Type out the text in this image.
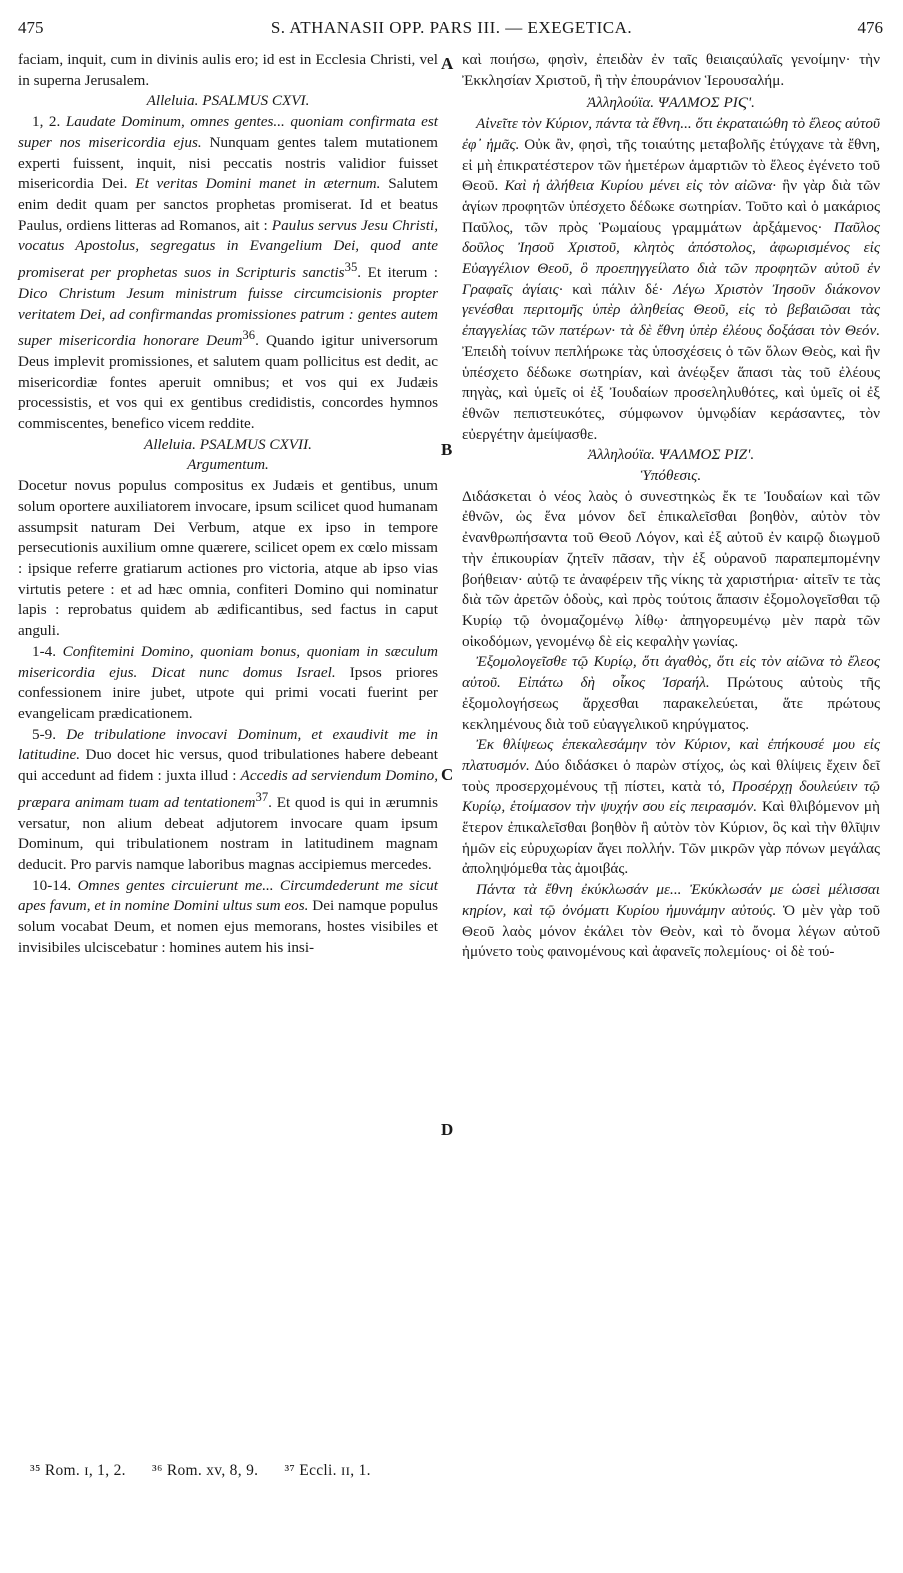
475	S. ATHANASII OPP. PARS III. — EXEGETICA.	476
A
B
C
D

faciam, inquit, cum in divinis aulis ero; id est in Ecclesia Christi, vel in superna Jerusalem.

Alleluia. PSALMUS CXVI.

1, 2. Laudate Dominum, omnes gentes... quoniam confirmata est super nos misericordia ejus. Nunquam gentes talem mutationem experti fuissent, inquit, nisi peccatis nostris validior fuisset misericordia Dei. Et veritas Domini manet in æternum. Salutem enim dedit quam per sanctos prophetas promiserat. Id et beatus Paulus, ordiens litteras ad Romanos, ait : Paulus servus Jesu Christi, vocatus Apostolus, segregatus in Evangelium Dei, quod ante promiserat per prophetas suos in Scripturis sanctis$^{35}$. Et iterum : Dico Christum Jesum ministrum fuisse circumcisionis propter veritatem Dei, ad confirmandas promissiones patrum : gentes autem super misericordia honorare Deum$^{36}$. Quando igitur universorum Deus implevit promissiones, et salutem quam pollicitus est dedit, ac misericordiæ fontes aperuit omnibus; et vos qui ex Judæis processistis, et vos qui ex gentibus credidistis, concordes hymnos commiscentes, benefico vicem reddite.

Alleluia. PSALMUS CXVII.

Argumentum.

Docetur novus populus compositus ex Judæis et gentibus, unum solum oportere auxiliatorem invocare, ipsum scilicet quod humanam assumpsit naturam Dei Verbum, atque ex ipso in tempore persecutionis auxilium omne quærere, scilicet opem ex cœlo missam : ipsique referre gratiarum actiones pro victoria, atque ab ipso vias virtutis petere : et ad hæc omnia, confiteri Domino qui nominatur lapis : reprobatus quidem ab ædificantibus, sed factus in caput anguli.

1-4. Confitemini Domino, quoniam bonus, quoniam in sæculum misericordia ejus. Dicat nunc domus Israel. Ipsos priores confessionem inire jubet, utpote qui primi vocati fuerint per evangelicam prædicationem.

5-9. De tribulatione invocavi Dominum, et exaudivit me in latitudine. Duo docet hic versus, quod tribulationes habere debeant qui accedunt ad fidem : juxta illud : Accedis ad serviendum Domino, præpara animam tuam ad tentationem$^{37}$. Et quod is qui in ærumnis versatur, non alium debeat adjutorem invocare quam ipsum Dominum, qui tribulationem nostram in latitudinem magnam deducit. Pro parvis namque laboribus magnas accipiemus mercedes.

10-14. Omnes gentes circuierunt me... Circumdederunt me sicut apes favum, et in nomine Domini ultus sum eos. Dei namque populus solum vocabat Deum, et nomen ejus memorans, hostes visibiles et invisibiles ulciscebatur : homines autem his insi-

καὶ ποιήσω, φησὶν, ἐπειδὰν ἐν ταῖς θειαιςαύλαῖς γενοίμην· τὴν Ἐκκλησίαν Χριστοῦ, ἢ τὴν ἐπουράνιον Ἱερουσαλήμ.

Ἀλληλούϊα. ΨΑΛΜΟΣ ΡΙϚʹ.

Αἰνεῖτε τὸν Κύριον, πάντα τὰ ἔθνη... ὅτι ἐκραταιώθη τὸ ἔλεος αὐτοῦ ἐφ᾽ ἡμᾶς. Οὐκ ἂν, φησὶ, τῆς τοιαύτης μεταβολῆς ἐτύγχανε τὰ ἔθνη, εἰ μὴ ἐπικρατέστερον τῶν ἡμετέρων ἁμαρτιῶν τὸ ἔλεος ἐγένετο τοῦ Θεοῦ. Καὶ ἡ ἀλήθεια Κυρίου μένει εἰς τὸν αἰῶνα· ἣν γὰρ διὰ τῶν ἁγίων προφητῶν ὑπέσχετο δέδωκε σωτηρίαν. Τοῦτο καὶ ὁ μακάριος Παῦλος, τῶν πρὸς Ῥωμαίους γραμμάτων ἀρξάμενος· Παῦλος δοῦλος Ἰησοῦ Χριστοῦ, κλητὸς ἀπόστολος, ἀφωρισμένος εἰς Εὐαγγέλιον Θεοῦ, ὃ προεπηγγείλατο διὰ τῶν προφητῶν αὐτοῦ ἐν Γραφαῖς ἁγίαις· καὶ πάλιν δέ· Λέγω Χριστὸν Ἰησοῦν διάκονον γενέσθαι περιτομῆς ὑπὲρ ἀληθείας Θεοῦ, εἰς τὸ βεβαιῶσαι τὰς ἐπαγγελίας τῶν πατέρων· τὰ δὲ ἔθνη ὑπὲρ ἐλέους δοξάσαι τὸν Θεόν. Ἐπειδὴ τοίνυν πεπλήρωκε τὰς ὑποσχέσεις ὁ τῶν ὅλων Θεὸς, καὶ ἣν ὑπέσχετο δέδωκε σωτηρίαν, καὶ ἀνέῳξεν ἅπασι τὰς τοῦ ἐλέους πηγὰς, καὶ ὑμεῖς οἱ ἐξ Ἰουδαίων προσεληλυθότες, καὶ ὑμεῖς οἱ ἐξ ἐθνῶν πεπιστευκότες, σύμφωνον ὑμνῳδίαν κεράσαντες, τὸν εὐεργέτην ἀμείψασθε.

Ἀλληλούϊα. ΨΑΛΜΟΣ ΡΙΖʹ.

Ὑπόθεσις.

Διδάσκεται ὁ νέος λαὸς ὁ συνεστηκὼς ἔκ τε Ἰουδαίων καὶ τῶν ἐθνῶν, ὡς ἕνα μόνον δεῖ ἐπικαλεῖσθαι βοηθὸν, αὐτὸν τὸν ἐνανθρωπήσαντα τοῦ Θεοῦ Λόγον, καὶ ἐξ αὐτοῦ ἐν καιρῷ διωγμοῦ τὴν ἐπικουρίαν ζητεῖν πᾶσαν, τὴν ἐξ οὐρανοῦ παραπεμπομένην βοήθειαν· αὐτῷ τε ἀναφέρειν τῆς νίκης τὰ χαριστήρια· αἰτεῖν τε τὰς διὰ τῶν ἀρετῶν ὁδοὺς, καὶ πρὸς τούτοις ἅπασιν ἐξομολογεῖσθαι τῷ Κυρίῳ τῷ ὀνομαζομένῳ λίθῳ· ἀπηγορευμένῳ μὲν παρὰ τῶν οἰκοδόμων, γενομένῳ δὲ εἰς κεφαλὴν γωνίας.

Ἐξομολογεῖσθε τῷ Κυρίῳ, ὅτι ἀγαθὸς, ὅτι εἰς τὸν αἰῶνα τὸ ἔλεος αὐτοῦ. Εἰπάτω δὴ οἶκος Ἰσραήλ. Πρώτους αὐτοὺς τῆς ἐξομολογήσεως ἄρχεσθαι παρακελεύεται, ἅτε πρώτους κεκλημένους διὰ τοῦ εὐαγγελικοῦ κηρύγματος.

Ἐκ θλίψεως ἐπεκαλεσάμην τὸν Κύριον, καὶ ἐπήκουσέ μου εἰς πλατυσμόν. Δύο διδάσκει ὁ παρὼν στίχος, ὡς καὶ θλίψεις ἔχειν δεῖ τοὺς προσερχομένους τῇ πίστει, κατὰ τό, Προσέρχῃ δουλεύειν τῷ Κυρίῳ, ἑτοίμασον τὴν ψυχήν σου εἰς πειρασμόν. Καὶ θλιβόμενον μὴ ἕτερον ἐπικαλεῖσθαι βοηθὸν ἢ αὐτὸν τὸν Κύριον, ὃς καὶ τὴν θλῖψιν ἡμῶν εἰς εὐρυχωρίαν ἄγει πολλήν. Τῶν μικρῶν γὰρ πόνων μεγάλας ἀποληψόμεθα τὰς ἀμοιβάς.

Πάντα τὰ ἔθνη ἐκύκλωσάν με... Ἐκύκλωσάν με ὡσεὶ μέλισσαι κηρίον, καὶ τῷ ὀνόματι Κυρίου ἠμυνάμην αὐτούς. Ὁ μὲν γὰρ τοῦ Θεοῦ λαὸς μόνον ἐκάλει τὸν Θεὸν, καὶ τὸ ὄνομα λέγων αὐτοῦ ἠμύνετο τοὺς φαινομένους καὶ ἀφανεῖς πολεμίους· οἱ δὲ τού-

³⁵ Rom. ɪ, 1, 2. ³⁶ Rom. xv, 8, 9. ³⁷ Eccli. ɪɪ, 1.
